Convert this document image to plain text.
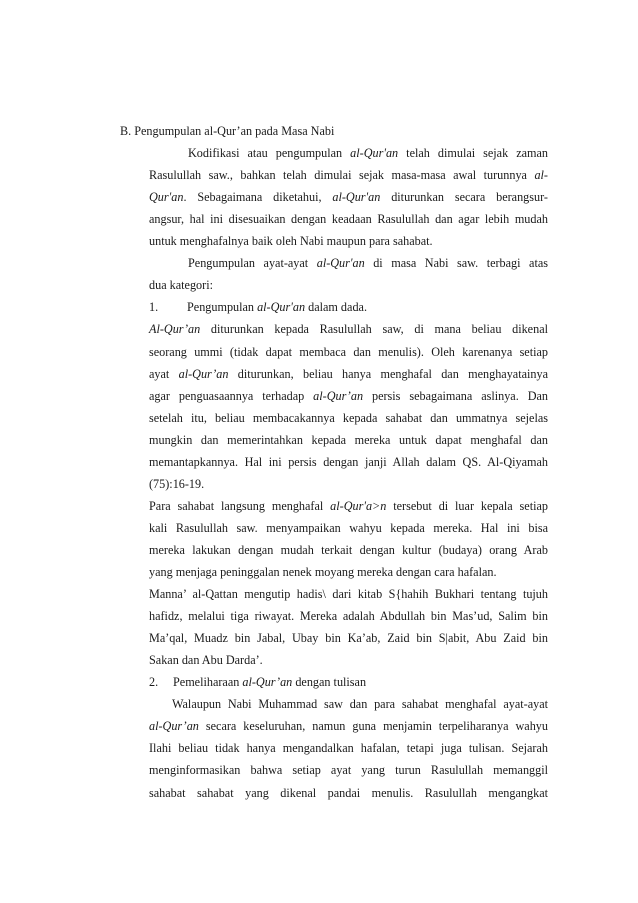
B. Pengumpulan al-Qur’an pada Masa Nabi
Kodifikasi atau pengumpulan al-Qur'an telah dimulai sejak zaman
Rasulullah saw., bahkan telah dimulai sejak masa-masa awal turunnya al-
Qur'an. Sebagaimana diketahui, al-Qur'an diturunkan secara berangsur-
angsur, hal ini disesuaikan dengan keadaan Rasulullah dan agar lebih mudah
untuk menghafalnya baik oleh Nabi maupun para sahabat.
Pengumpulan ayat-ayat al-Qur'an di masa Nabi saw. terbagi atas
dua kategori:
1. Pengumpulan al-Qur'an dalam dada.
Al-Qur’an diturunkan kepada Rasulullah saw, di mana beliau dikenal
seorang ummi (tidak dapat membaca dan menulis). Oleh karenanya setiap
ayat al-Qur’an diturunkan, beliau hanya menghafal dan menghayatainya
agar penguasaannya terhadap al-Qur’an persis sebagaimana aslinya. Dan
setelah itu, beliau membacakannya kepada sahabat dan ummatnya sejelas
mungkin dan memerintahkan kepada mereka untuk dapat menghafal dan
memantapkannya. Hal ini persis dengan janji Allah dalam QS. Al-Qiyamah
(75):16-19.
Para sahabat langsung menghafal al-Qur'a>n tersebut di luar kepala setiap
kali Rasulullah saw. menyampaikan wahyu kepada mereka. Hal ini bisa
mereka lakukan dengan mudah terkait dengan kultur (budaya) orang Arab
yang menjaga peninggalan nenek moyang mereka dengan cara hafalan.
Manna’ al-Qattan mengutip hadis\ dari kitab S{hahih Bukhari tentang tujuh
hafidz, melalui tiga riwayat. Mereka adalah Abdullah bin Mas’ud, Salim bin
Ma’qal, Muadz bin Jabal, Ubay bin Ka’ab, Zaid bin S|abit, Abu Zaid bin
Sakan dan Abu Darda’.
2. Pemeliharaan al-Qur’an dengan tulisan
Walaupun Nabi Muhammad saw dan para sahabat menghafal ayat-ayat
al-Qur’an secara keseluruhan, namun guna menjamin terpeliharanya wahyu
Ilahi beliau tidak hanya mengandalkan hafalan, tetapi juga tulisan. Sejarah
menginformasikan bahwa setiap ayat yang turun Rasulullah memanggil
sahabat sahabat yang dikenal pandai menulis. Rasulullah mengangkat
